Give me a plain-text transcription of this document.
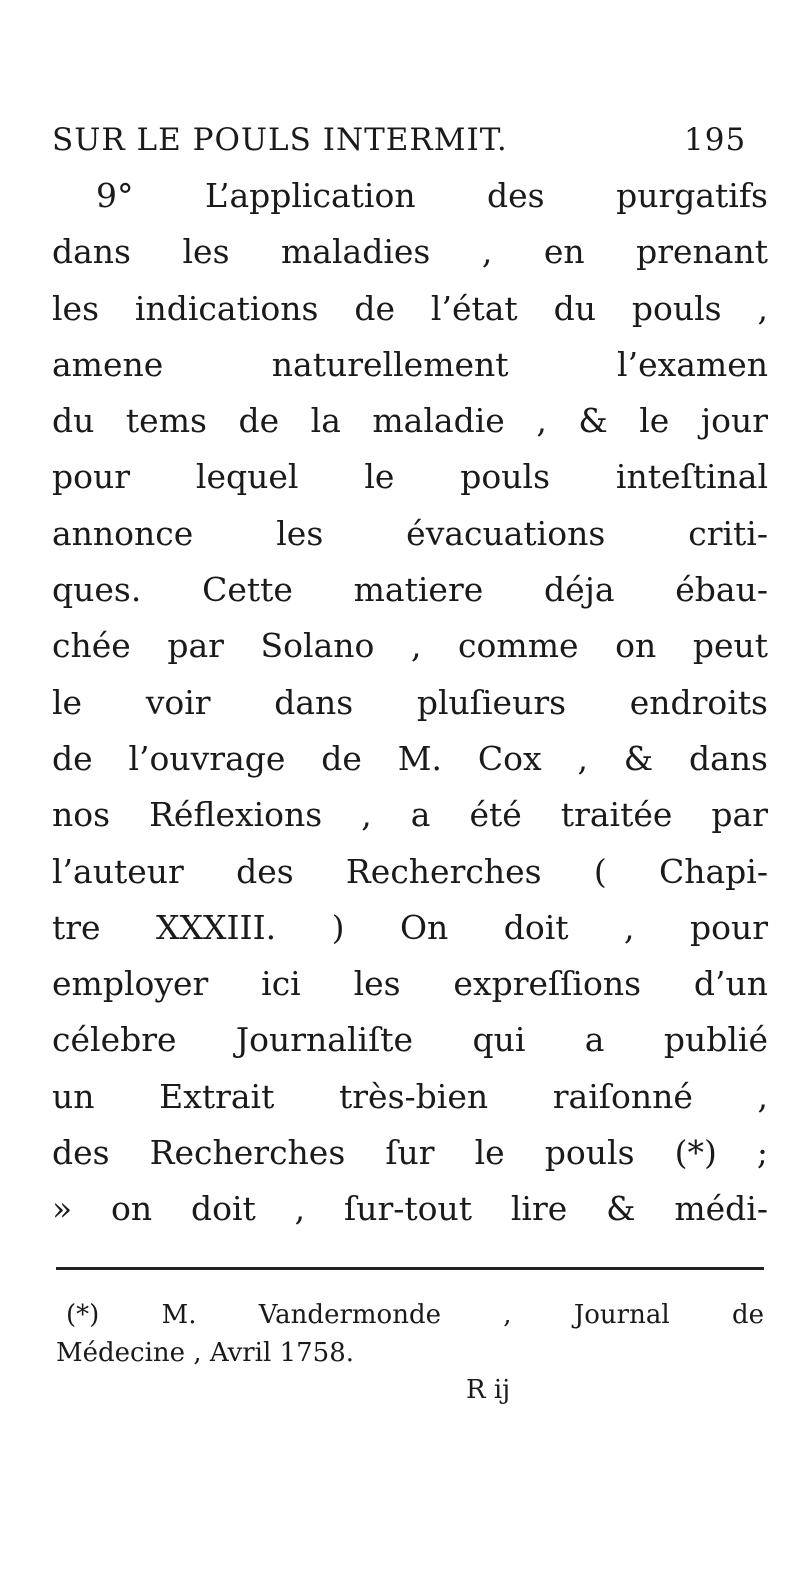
SUR LE POULS INTERMIT.	195
9° L’application des purgatifs
dans les maladies , en prenant
les indications de l’état du pouls ,
amene naturellement l’examen
du tems de la maladie , & le jour
pour lequel le pouls inteſtinal
annonce les évacuations criti-
ques. Cette matiere déja ébau-
chée par Solano , comme on peut
le voir dans pluſieurs endroits
de l’ouvrage de M. Cox , & dans
nos Réflexions , a été traitée par
l’auteur des Recherches ( Chapi-
tre XXXIII. ) On doit , pour
employer ici les expreſſions d’un
célebre Journaliſte qui a publié
un Extrait très-bien raiſonné ,
des Recherches ſur le pouls (*) ;
» on doit , ſur-tout lire & médi-
(*) M. Vandermonde , Journal de
Médecine , Avril 1758.
R ij
